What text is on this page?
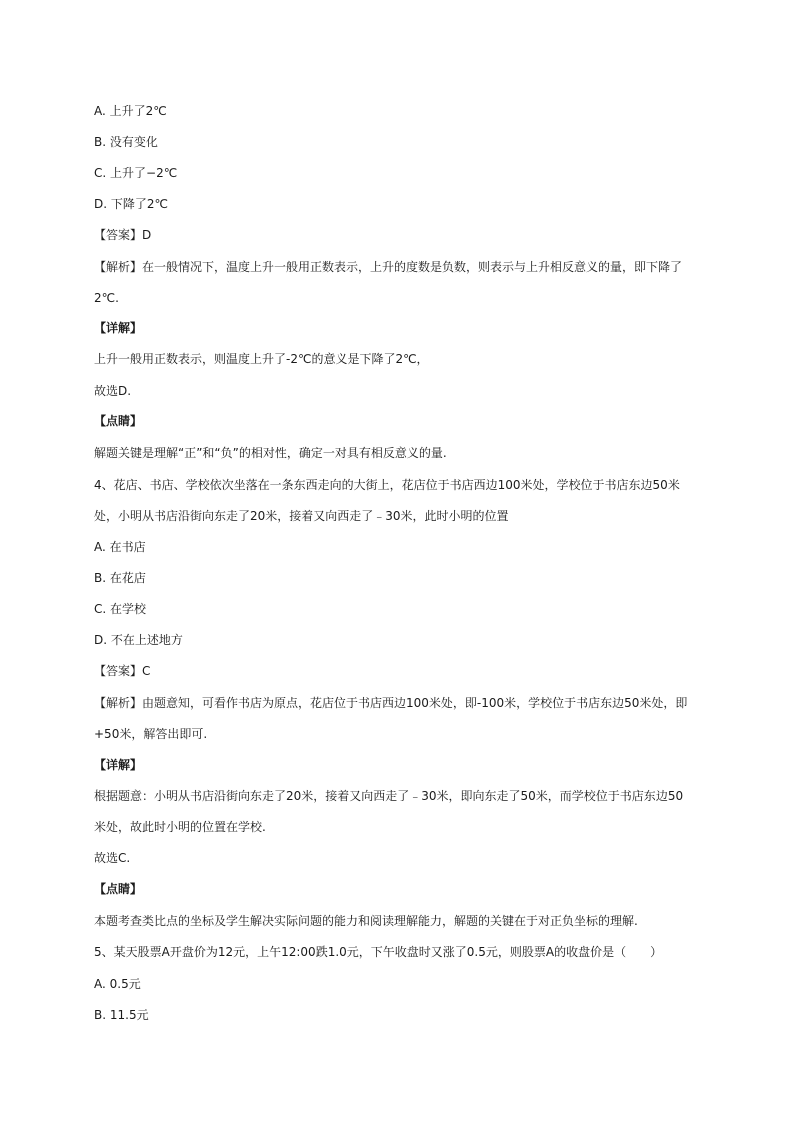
A. 上升了2℃
B. 没有变化
C. 上升了−2℃
D. 下降了2℃
【答案】D
【解析】在一般情况下，温度上升一般用正数表示，上升的度数是负数，则表示与上升相反意义的量，即下降了
2℃.
【详解】
上升一般用正数表示，则温度上升了-2℃的意义是下降了2℃，
故选D.
【点睛】
解题关键是理解“正”和“负”的相对性，确定一对具有相反意义的量.
4、花店、书店、学校依次坐落在一条东西走向的大街上，花店位于书店西边100米处，学校位于书店东边50米
处，小明从书店沿街向东走了20米，接着又向西走了﹣30米，此时小明的位置
A. 在书店
B. 在花店
C. 在学校
D. 不在上述地方
【答案】C
【解析】由题意知，可看作书店为原点，花店位于书店西边100米处，即-100米，学校位于书店东边50米处，即
+50米，解答出即可.
【详解】
根据题意：小明从书店沿街向东走了20米，接着又向西走了﹣30米，即向东走了50米，而学校位于书店东边50
米处，故此时小明的位置在学校.
故选C.
【点睛】
本题考查类比点的坐标及学生解决实际问题的能力和阅读理解能力，解题的关键在于对正负坐标的理解.
5、某天股票A开盘价为12元，上午12:00跌1.0元，下午收盘时又涨了0.5元，则股票A的收盘价是（　　）
A. 0.5元
B. 11.5元
